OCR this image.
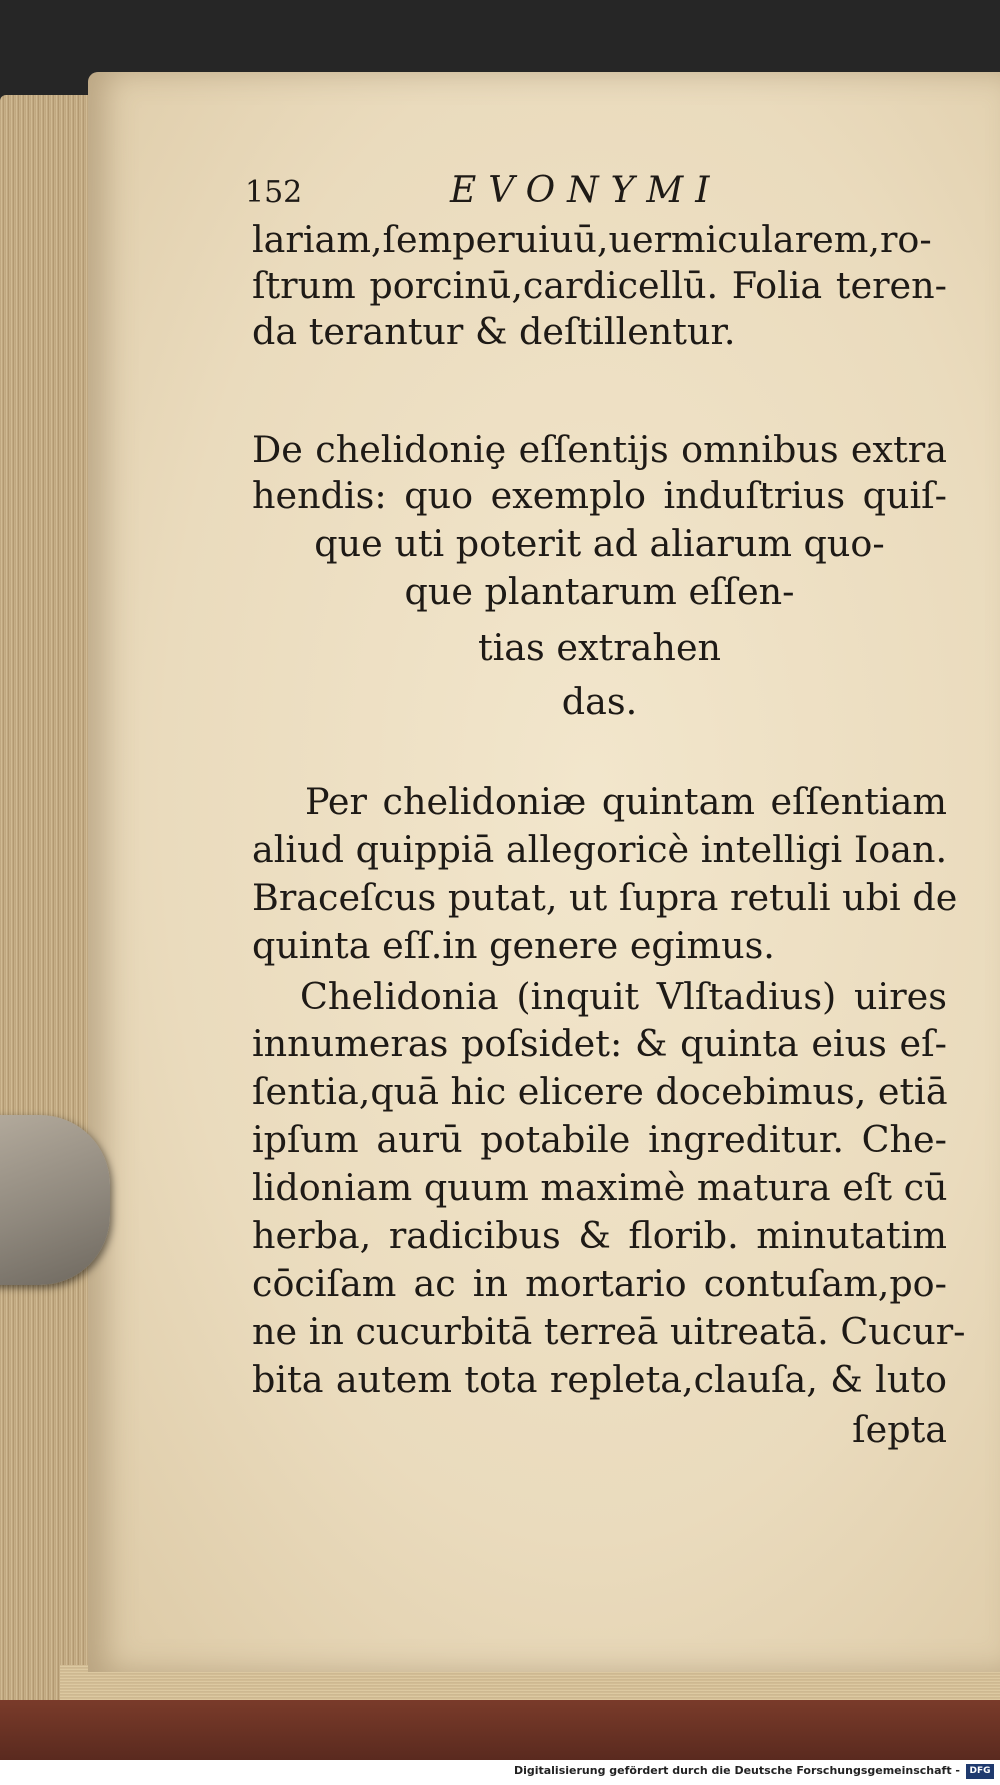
152	EVONYMI
lariam,ſemperuiuū,uermicularem,ro-
ſtrum porcinū,cardicellū. Folia teren-
da terantur & deſtillentur.
De chelidoniȩ eſſentijs omnibus extra
hendis: quo exemplo induſtrius quiſ-
que uti poterit ad aliarum quo-
que plantarum eſſen-
tias extrahen
das.
Per chelidoniæ quintam eſſentiam
aliud quippiā allegoricè intelligi Ioan.
Braceſcus putat, ut ſupra retuli ubi de
quinta eſſ.in genere egimus.
Chelidonia (inquit Vlſtadius) uires
innumeras poſsidet: & quinta eius eſ-
ſentia,quā hic elicere docebimus, etiā
ipſum aurū potabile ingreditur. Che-
lidoniam quum maximè matura eſt cū
herba, radicibus & florib. minutatim
cōciſam ac in mortario contuſam,po-
ne in cucurbitā terreā uitreatā. Cucur-
bita autem tota repleta,clauſa, & luto
ſepta
Digitalisierung gefördert durch die Deutsche Forschungsgemeinschaft -	DFG
